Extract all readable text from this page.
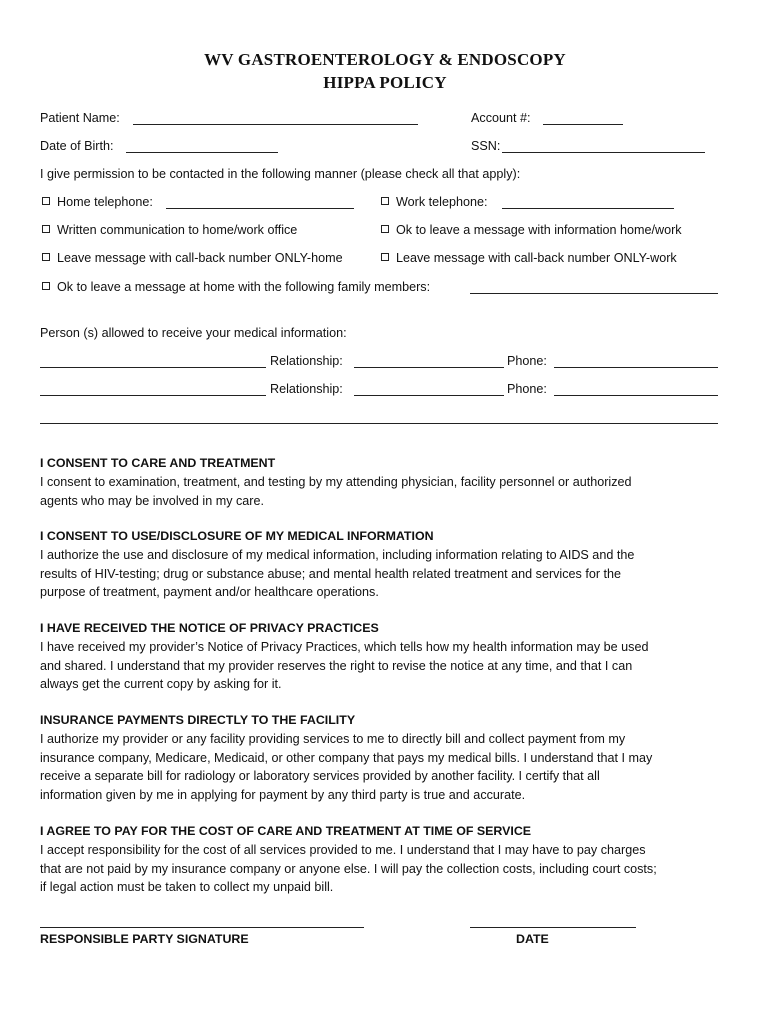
WV GASTROENTEROLOGY & ENDOSCOPY
HIPPA POLICY
Patient Name:	Account #:
Date of Birth:	SSN:
I give permission to be contacted in the following manner (please check all that apply):
Home telephone:	Work telephone:
Written communication to home/work office	Ok to leave a message with information home/work
Leave message with call-back number ONLY-home	Leave message with call-back number ONLY-work
Ok to leave a message at home with the following family members:
Person (s) allowed to receive your medical information:
Relationship:	Phone:
Relationship:	Phone:
I CONSENT TO CARE AND TREATMENT
I consent to examination, treatment, and testing by my attending physician, facility personnel or authorized
agents who may be involved in my care.
I CONSENT TO USE/DISCLOSURE OF MY MEDICAL INFORMATION
I authorize the use and disclosure of my medical information, including information relating to AIDS and the
results of HIV-testing; drug or substance abuse; and mental health related treatment and services for the
purpose of treatment, payment and/or healthcare operations.
I HAVE RECEIVED THE NOTICE OF PRIVACY PRACTICES
I have received my provider’s Notice of Privacy Practices, which tells how my health information may be used
and shared. I understand that my provider reserves the right to revise the notice at any time, and that I can
always get the current copy by asking for it.
INSURANCE PAYMENTS DIRECTLY TO THE FACILITY
I authorize my provider or any facility providing services to me to directly bill and collect payment from my
insurance company, Medicare, Medicaid, or other company that pays my medical bills. I understand that I may
receive a separate bill for radiology or laboratory services provided by another facility. I certify that all
information given by me in applying for payment by any third party is true and accurate.
I AGREE TO PAY FOR THE COST OF CARE AND TREATMENT AT TIME OF SERVICE
I accept responsibility for the cost of all services provided to me. I understand that I may have to pay charges
that are not paid by my insurance company or anyone else. I will pay the collection costs, including court costs;
if legal action must be taken to collect my unpaid bill.
RESPONSIBLE PARTY SIGNATURE	DATE
